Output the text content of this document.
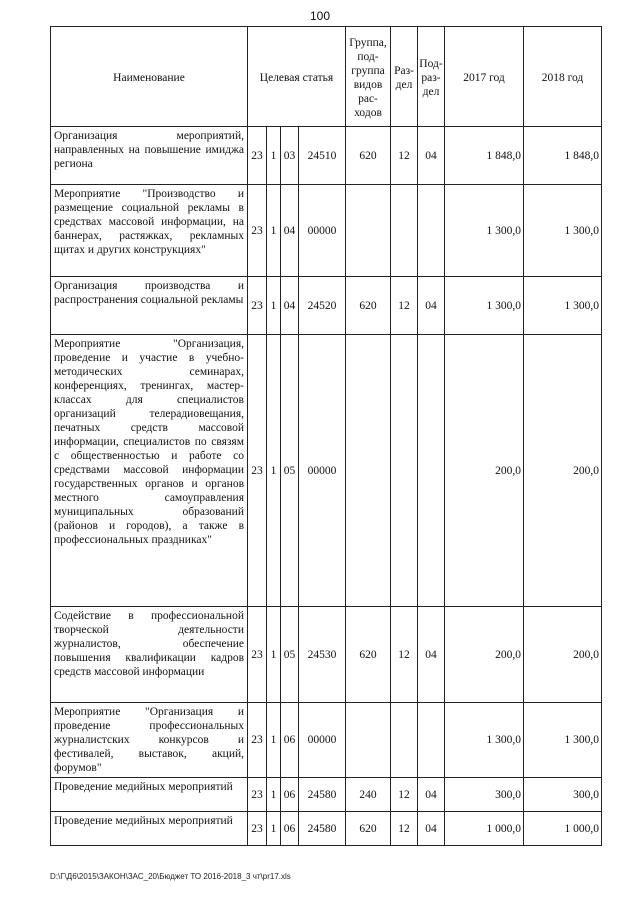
100
Наименование	Целевая статья				Группа, под-группа видов рас-ходов	Раз-дел	Под-раз-дел	2017 год	2018 год
Организация мероприятий, направленных на повышение имиджа региона	23	1	03	24510	620	12	04	1 848,0	1 848,0
Мероприятие "Производство и размещение социальной рекламы в средствах массовой информации, на баннерах, растяжках, рекламных щитах и других конструкциях"	23	1	04	00000				1 300,0	1 300,0
Организация производства и распространения социальной рекламы	23	1	04	24520	620	12	04	1 300,0	1 300,0
Мероприятие "Организация, проведение и участие в учебно-методических семинарах, конференциях, тренингах, мастер-классах для специалистов организаций телерадиовещания, печатных средств массовой информации, специалистов по связям с общественностью и работе со средствами массовой информации государственных органов и органов местного самоуправления муниципальных образований (районов и городов), а также в профессиональных праздниках"	23	1	05	00000				200,0	200,0
Содействие в профессиональной творческой деятельности журналистов, обеспечение повышения квалификации кадров средств массовой информации	23	1	05	24530	620	12	04	200,0	200,0
Мероприятие "Организация и проведение профессиональных журналистских конкурсов и фестивалей, выставок, акций, форумов"	23	1	06	00000				1 300,0	1 300,0
Проведение медийных мероприятий	23	1	06	24580	240	12	04	300,0	300,0
Проведение медийных мероприятий	23	1	06	24580	620	12	04	1 000,0	1 000,0
D:\Г\Д6\2015\ЗАКОН\ЗАС_20\Бюджет ТО 2016-2018_3 чт\pr17.xls
